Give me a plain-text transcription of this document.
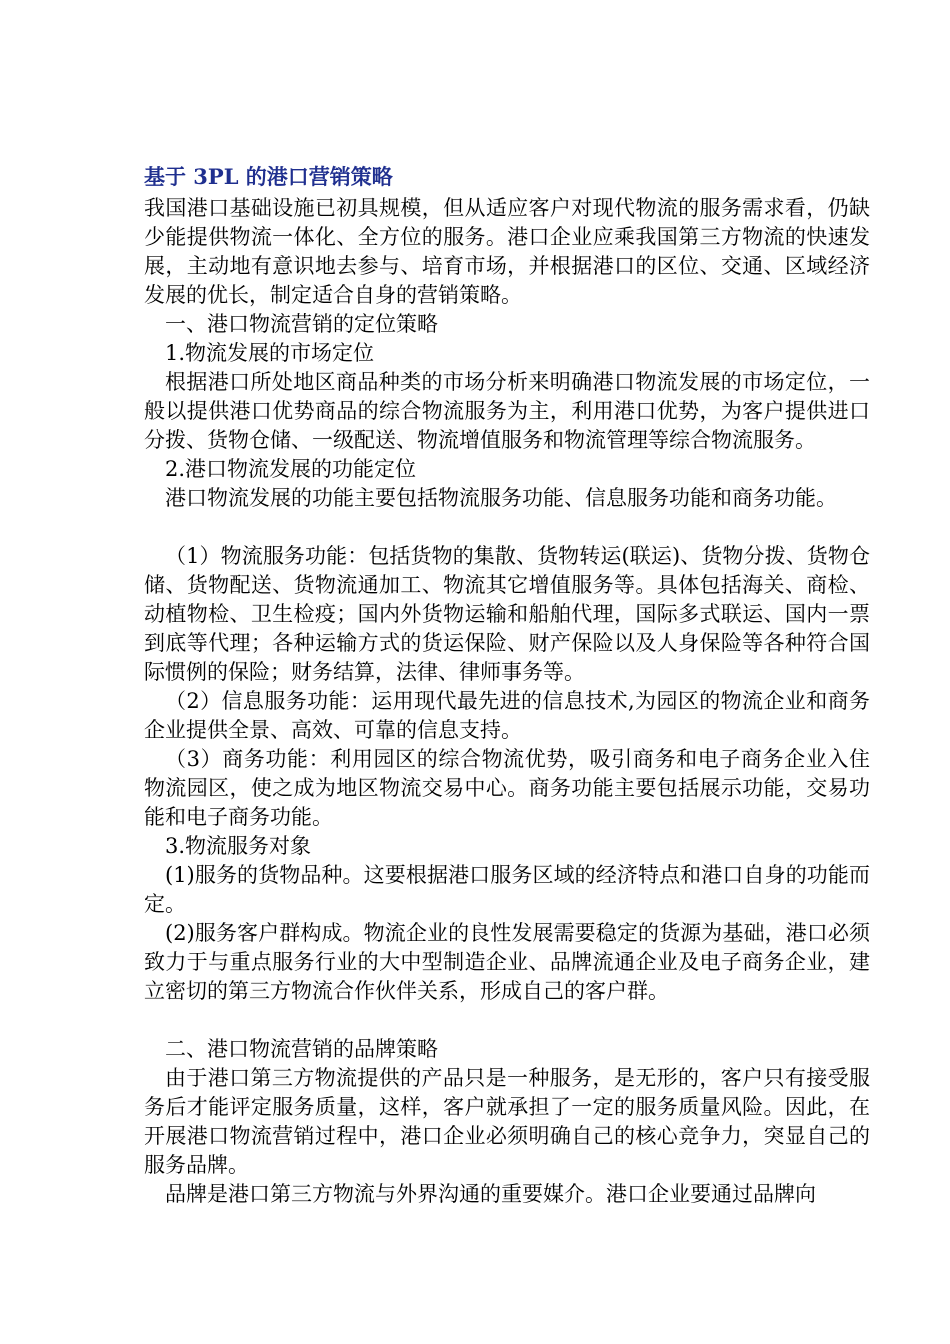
基于 3PL 的港口营销策略

我国港口基础设施已初具规模，但从适应客户对现代物流的服务需求看，仍缺少能提供物流一体化、全方位的服务。港口企业应乘我国第三方物流的快速发展，主动地有意识地去参与、培育市场，并根据港口的区位、交通、区域经济发展的优长，制定适合自身的营销策略。

一、港口物流营销的定位策略

1.物流发展的市场定位

根据港口所处地区商品种类的市场分析来明确港口物流发展的市场定位，一般以提供港口优势商品的综合物流服务为主，利用港口优势，为客户提供进口分拨、货物仓储、一级配送、物流增值服务和物流管理等综合物流服务。

2.港口物流发展的功能定位

港口物流发展的功能主要包括物流服务功能、信息服务功能和商务功能。

（1）物流服务功能：包括货物的集散、货物转运(联运)、货物分拨、货物仓储、货物配送、货物流通加工、物流其它增值服务等。具体包括海关、商检、动植物检、卫生检疫；国内外货物运输和船舶代理，国际多式联运、国内一票到底等代理；各种运输方式的货运保险、财产保险以及人身保险等各种符合国际惯例的保险；财务结算，法律、律师事务等。

（2）信息服务功能：运用现代最先进的信息技术,为园区的物流企业和商务企业提供全景、高效、可靠的信息支持。

（3）商务功能：利用园区的综合物流优势，吸引商务和电子商务企业入住物流园区，使之成为地区物流交易中心。商务功能主要包括展示功能，交易功能和电子商务功能。

3.物流服务对象

(1)服务的货物品种。这要根据港口服务区域的经济特点和港口自身的功能而定。

(2)服务客户群构成。物流企业的良性发展需要稳定的货源为基础，港口必须致力于与重点服务行业的大中型制造企业、品牌流通企业及电子商务企业，建立密切的第三方物流合作伙伴关系，形成自己的客户群。

二、港口物流营销的品牌策略

由于港口第三方物流提供的产品只是一种服务，是无形的，客户只有接受服务后才能评定服务质量，这样，客户就承担了一定的服务质量风险。因此，在开展港口物流营销过程中，港口企业必须明确自己的核心竞争力，突显自己的服务品牌。

品牌是港口第三方物流与外界沟通的重要媒介。港口企业要通过品牌向
